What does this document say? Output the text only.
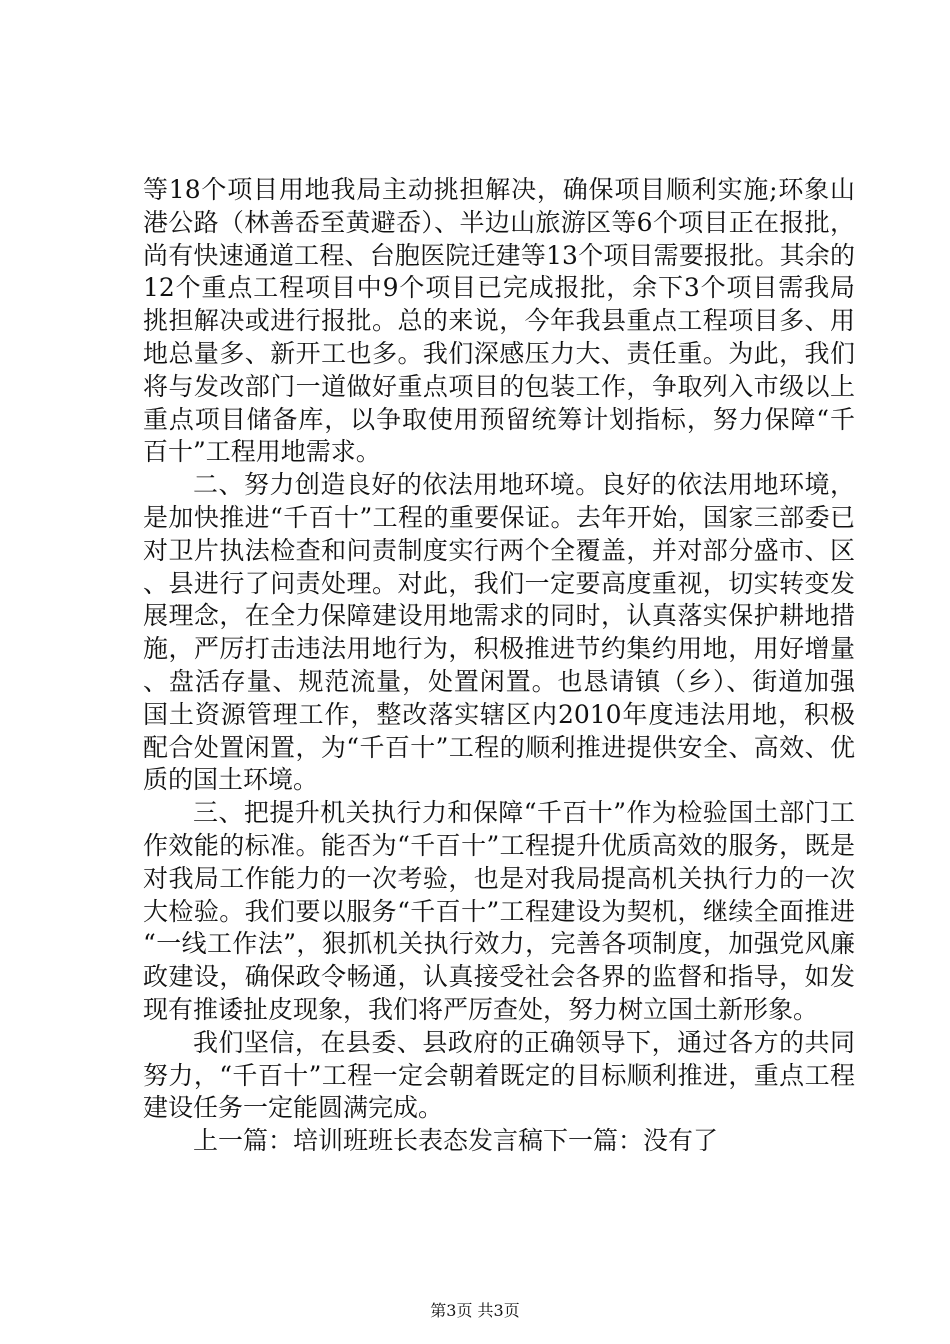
等18个项目用地我局主动挑担解决，确保项目顺利实施;环象山港公路（林善岙至黄避岙）、半边山旅游区等6个项目正在报批，尚有快速通道工程、台胞医院迁建等13个项目需要报批。其余的12个重点工程项目中9个项目已完成报批，余下3个项目需我局挑担解决或进行报批。总的来说，今年我县重点工程项目多、用地总量多、新开工也多。我们深感压力大、责任重。为此，我们将与发改部门一道做好重点项目的包装工作，争取列入市级以上重点项目储备库，以争取使用预留统筹计划指标，努力保障“千百十”工程用地需求。

二、努力创造良好的依法用地环境。良好的依法用地环境，是加快推进“千百十”工程的重要保证。去年开始，国家三部委已对卫片执法检查和问责制度实行两个全覆盖，并对部分盛市、区、县进行了问责处理。对此，我们一定要高度重视，切实转变发展理念，在全力保障建设用地需求的同时，认真落实保护耕地措施，严厉打击违法用地行为，积极推进节约集约用地，用好增量、盘活存量、规范流量，处置闲置。也恳请镇（乡）、街道加强国土资源管理工作，整改落实辖区内2010年度违法用地，积极配合处置闲置，为“千百十”工程的顺利推进提供安全、高效、优质的国土环境。

三、把提升机关执行力和保障“千百十”作为检验国土部门工作效能的标准。能否为“千百十”工程提升优质高效的服务，既是对我局工作能力的一次考验，也是对我局提高机关执行力的一次大检验。我们要以服务“千百十”工程建设为契机，继续全面推进“一线工作法”，狠抓机关执行效力，完善各项制度，加强党风廉政建设，确保政令畅通，认真接受社会各界的监督和指导，如发现有推诿扯皮现象，我们将严厉查处，努力树立国土新形象。

我们坚信，在县委、县政府的正确领导下，通过各方的共同努力，“千百十”工程一定会朝着既定的目标顺利推进，重点工程建设任务一定能圆满完成。

上一篇：培训班班长表态发言稿下一篇：没有了

第3页 共3页
